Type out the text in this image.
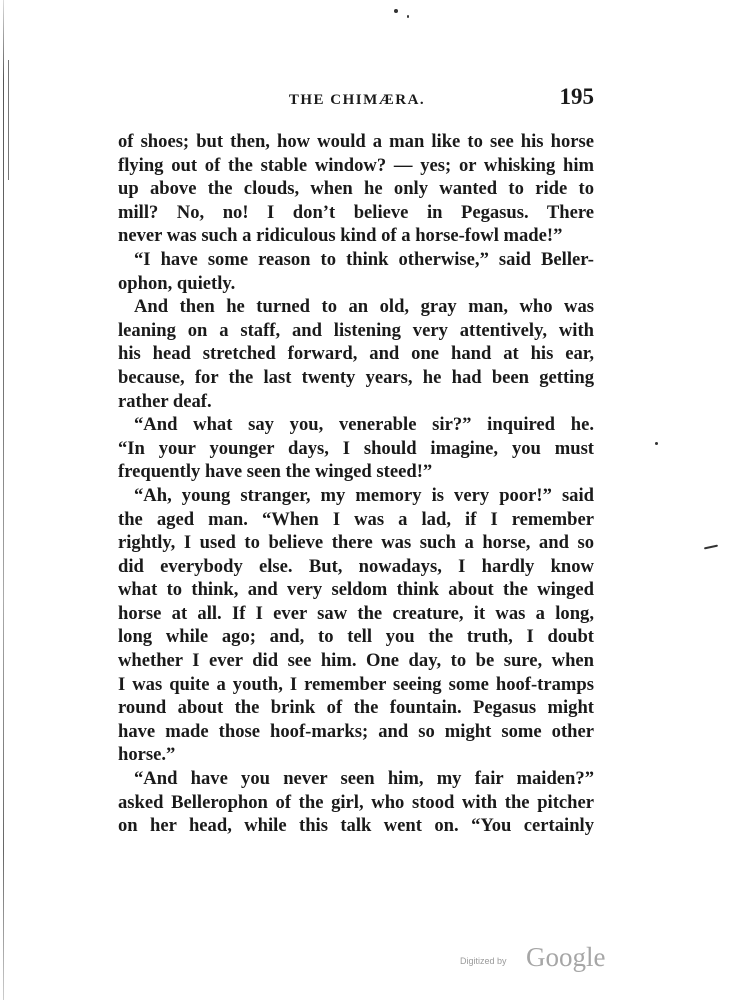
THE CHIMÆRA.	195
of shoes; but then, how would a man like to see his horse
flying out of the stable window? — yes; or whisking him
up above the clouds, when he only wanted to ride to
mill? No, no! I don’t believe in Pegasus. There
never was such a ridiculous kind of a horse-fowl made!”
“I have some reason to think otherwise,” said Beller-
ophon, quietly.
And then he turned to an old, gray man, who was
leaning on a staff, and listening very attentively, with
his head stretched forward, and one hand at his ear,
because, for the last twenty years, he had been getting
rather deaf.
“And what say you, venerable sir?” inquired he.
“In your younger days, I should imagine, you must
frequently have seen the winged steed!”
“Ah, young stranger, my memory is very poor!” said
the aged man. “When I was a lad, if I remember
rightly, I used to believe there was such a horse, and so
did everybody else. But, nowadays, I hardly know
what to think, and very seldom think about the winged
horse at all. If I ever saw the creature, it was a long,
long while ago; and, to tell you the truth, I doubt
whether I ever did see him. One day, to be sure, when
I was quite a youth, I remember seeing some hoof-tramps
round about the brink of the fountain. Pegasus might
have made those hoof-marks; and so might some other
horse.”
“And have you never seen him, my fair maiden?”
asked Bellerophon of the girl, who stood with the pitcher
on her head, while this talk went on. “You certainly
Digitized by Google
